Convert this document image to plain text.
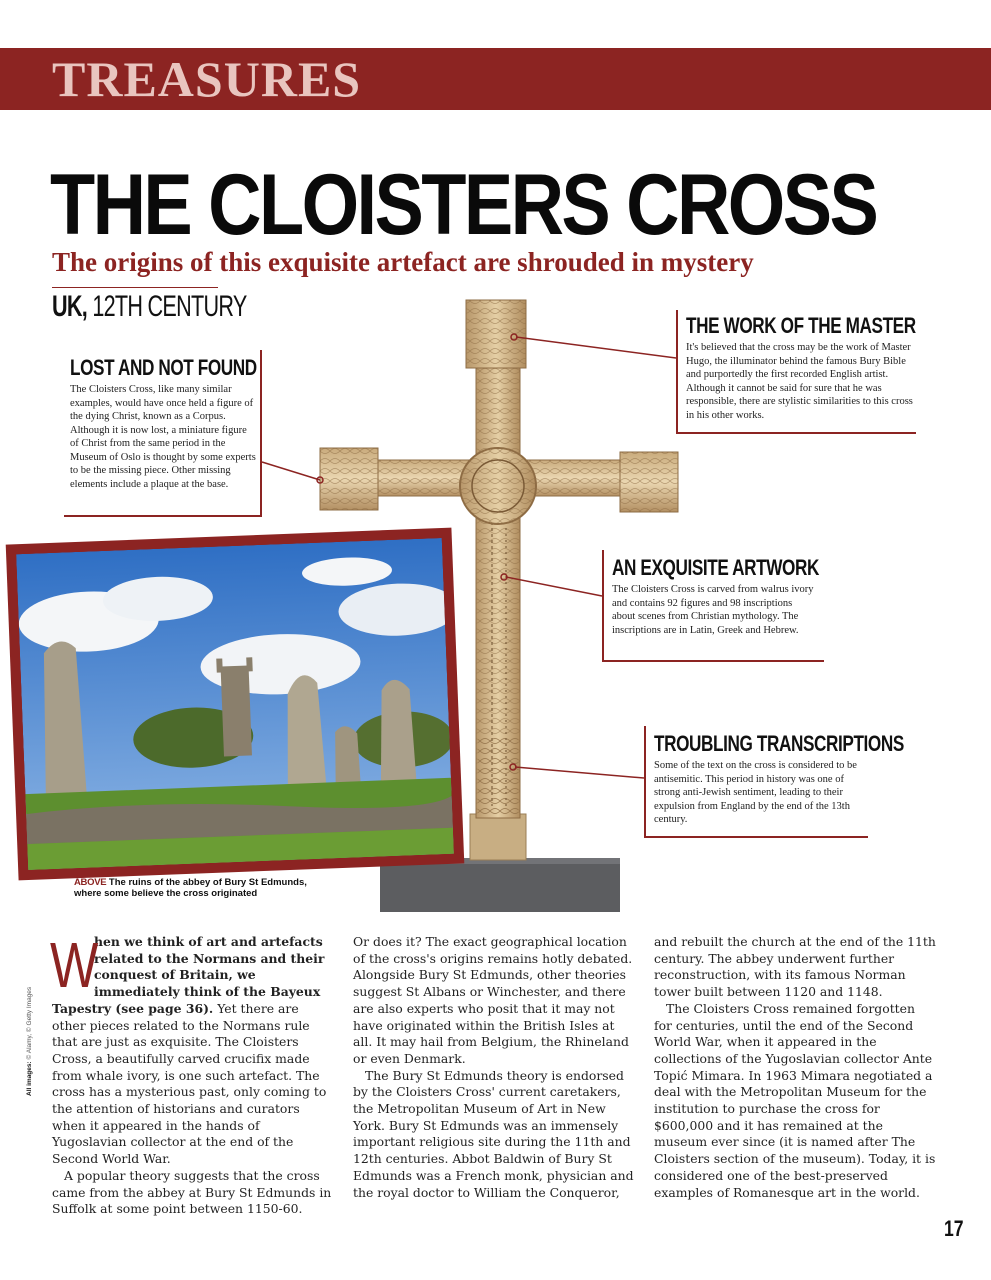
TREASURES
THE CLOISTERS CROSS
The origins of this exquisite artefact are shrouded in mystery
UK, 12TH CENTURY
LOST AND NOT FOUND

The Cloisters Cross, like many similar examples, would have once held a figure of the dying Christ, known as a Corpus. Although it is now lost, a miniature figure of Christ from the same period in the Museum of Oslo is thought by some experts to be the missing piece. Other missing elements include a plaque at the base.

THE WORK OF THE MASTER

It's believed that the cross may be the work of Master Hugo, the illuminator behind the famous Bury Bible and purportedly the first recorded English artist. Although it cannot be said for sure that he was responsible, there are stylistic similarities to this cross in his other works.

AN EXQUISITE ARTWORK

The Cloisters Cross is carved from walrus ivory and contains 92 figures and 98 inscriptions about scenes from Christian mythology. The inscriptions are in Latin, Greek and Hebrew.

TROUBLING TRANSCRIPTIONS

Some of the text on the cross is considered to be antisemitic. This period in history was one of strong anti-Jewish sentiment, leading to their expulsion from England by the end of the 13th century.

ABOVE The ruins of the abbey of Bury St Edmunds, where some believe the cross originated

W
hen we think of art and artefacts related to the Normans and their conquest of Britain, we immediately think of the Bayeux Tapestry (see page 36). Yet there are other pieces related to the Normans rule that are just as exquisite. The Cloisters Cross, a beautifully carved crucifix made from whale ivory, is one such artefact. The cross has a mysterious past, only coming to the attention of historians and curators when it appeared in the hands of Yugoslavian collector at the end of the Second World War.

A popular theory suggests that the cross came from the abbey at Bury St Edmunds in Suffolk at some point between 1150-60.

Or does it? The exact geographical location of the cross's origins remains hotly debated. Alongside Bury St Edmunds, other theories suggest St Albans or Winchester, and there are also experts who posit that it may not have originated within the British Isles at all. It may hail from Belgium, the Rhineland or even Denmark.

The Bury St Edmunds theory is endorsed by the Cloisters Cross' current caretakers, the Metropolitan Museum of Art in New York. Bury St Edmunds was an immensely important religious site during the 11th and 12th centuries. Abbot Baldwin of Bury St Edmunds was a French monk, physician and the royal doctor to William the Conqueror,

and rebuilt the church at the end of the 11th century. The abbey underwent further reconstruction, with its famous Norman tower built between 1120 and 1148.

The Cloisters Cross remained forgotten for centuries, until the end of the Second World War, when it appeared in the collections of the Yugoslavian collector Ante Topić Mimara. In 1963 Mimara negotiated a deal with the Metropolitan Museum for the institution to purchase the cross for $600,000 and it has remained at the museum ever since (it is named after The Cloisters section of the museum). Today, it is considered one of the best-preserved examples of Romanesque art in the world.

All images: © Alamy, © Getty Images
17
